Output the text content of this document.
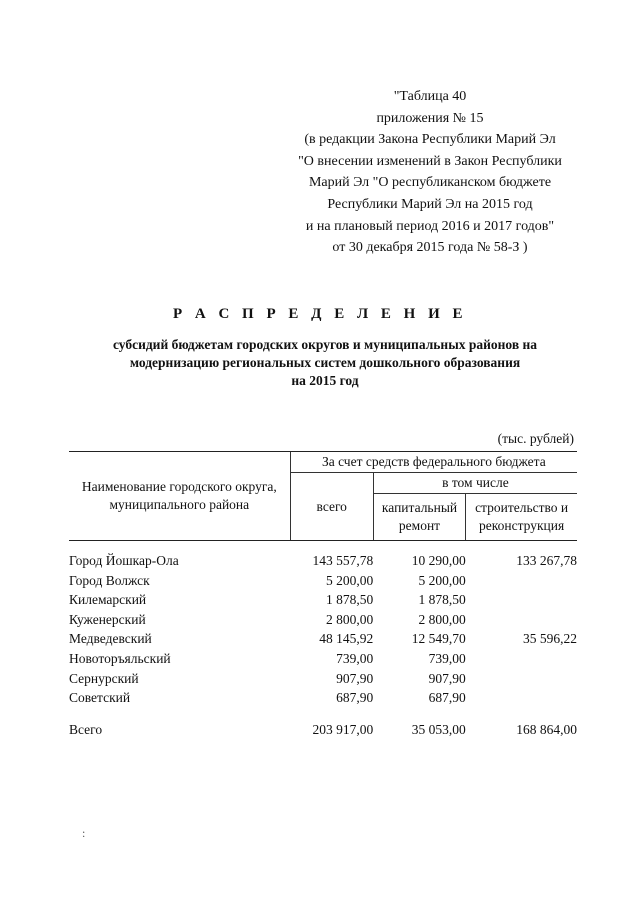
"Таблица 40
приложения № 15
(в редакции Закона Республики Марий Эл
"О внесении изменений в Закон Республики
Марий Эл "О республиканском бюджете
Республики Марий Эл на 2015 год
и на плановый период 2016 и 2017 годов"
от 30 декабря 2015 года № 58-З )
Р А С П Р Е Д Е Л Е Н И Е
субсидий бюджетам городских округов и муниципальных районов на
модернизацию региональных систем дошкольного образования
на 2015 год
(тыс. рублей)
Наименование городского округа, муниципального района	За счет средств федерального бюджета		
	всего	в том числе	
		капитальный ремонт	строительство и реконструкция

Город Йошкар-Ола	143 557,78	10 290,00	133 267,78
Город Волжск	5 200,00	5 200,00	
Килемарский	1 878,50	1 878,50	
Куженерский	2 800,00	2 800,00	
Медведевский	48 145,92	12 549,70	35 596,22
Новоторъяльский	739,00	739,00	
Сернурский	907,90	907,90	
Советский	687,90	687,90	

Всего	203 917,00	35 053,00	168 864,00
:
